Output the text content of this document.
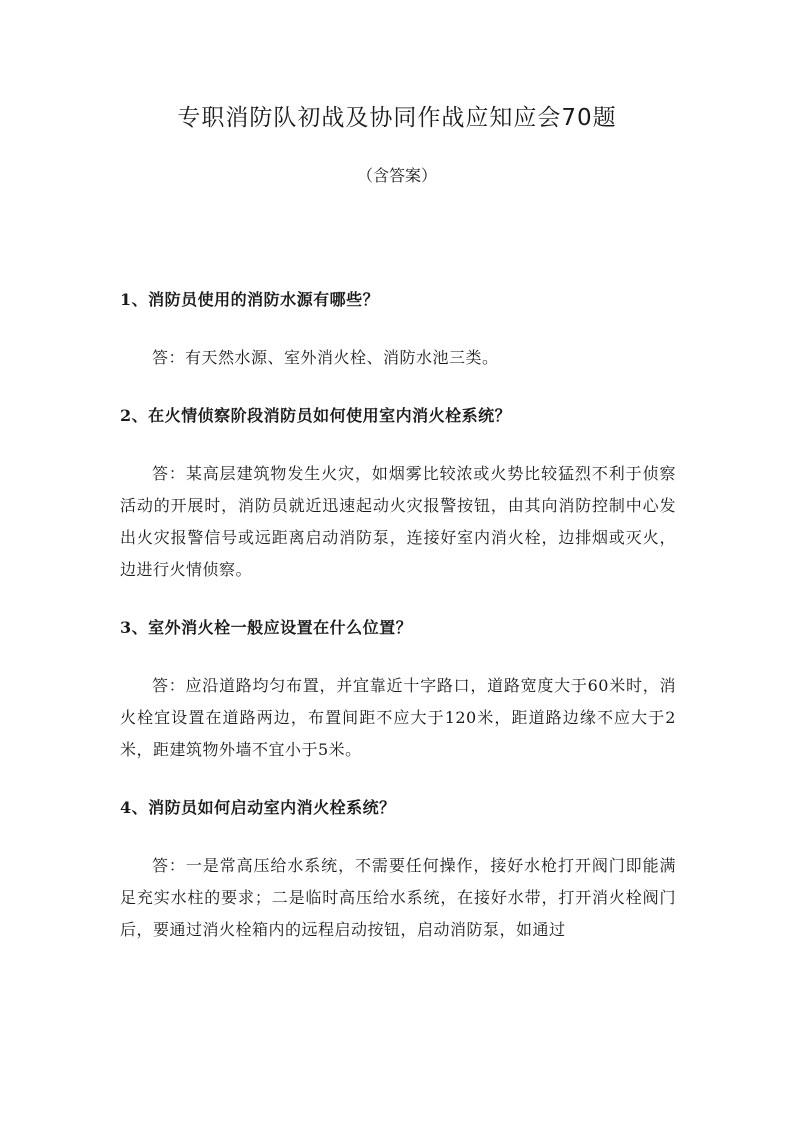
专职消防队初战及协同作战应知应会70题
（含答案）

1、消防员使用的消防水源有哪些？

答：有天然水源、室外消火栓、消防水池三类。

2、在火情侦察阶段消防员如何使用室内消火栓系统？

答：某高层建筑物发生火灾，如烟雾比较浓或火势比较猛烈不利于侦察活动的开展时，消防员就近迅速起动火灾报警按钮，由其向消防控制中心发出火灾报警信号或远距离启动消防泵，连接好室内消火栓，边排烟或灭火，边进行火情侦察。

3、室外消火栓一般应设置在什么位置？

答：应沿道路均匀布置，并宜靠近十字路口，道路宽度大于60米时，消火栓宜设置在道路两边，布置间距不应大于120米，距道路边缘不应大于2米，距建筑物外墙不宜小于5米。

4、消防员如何启动室内消火栓系统？

答：一是常高压给水系统，不需要任何操作，接好水枪打开阀门即能满足充实水柱的要求；二是临时高压给水系统，在接好水带，打开消火栓阀门后，要通过消火栓箱内的远程启动按钮，启动消防泵，如通过
